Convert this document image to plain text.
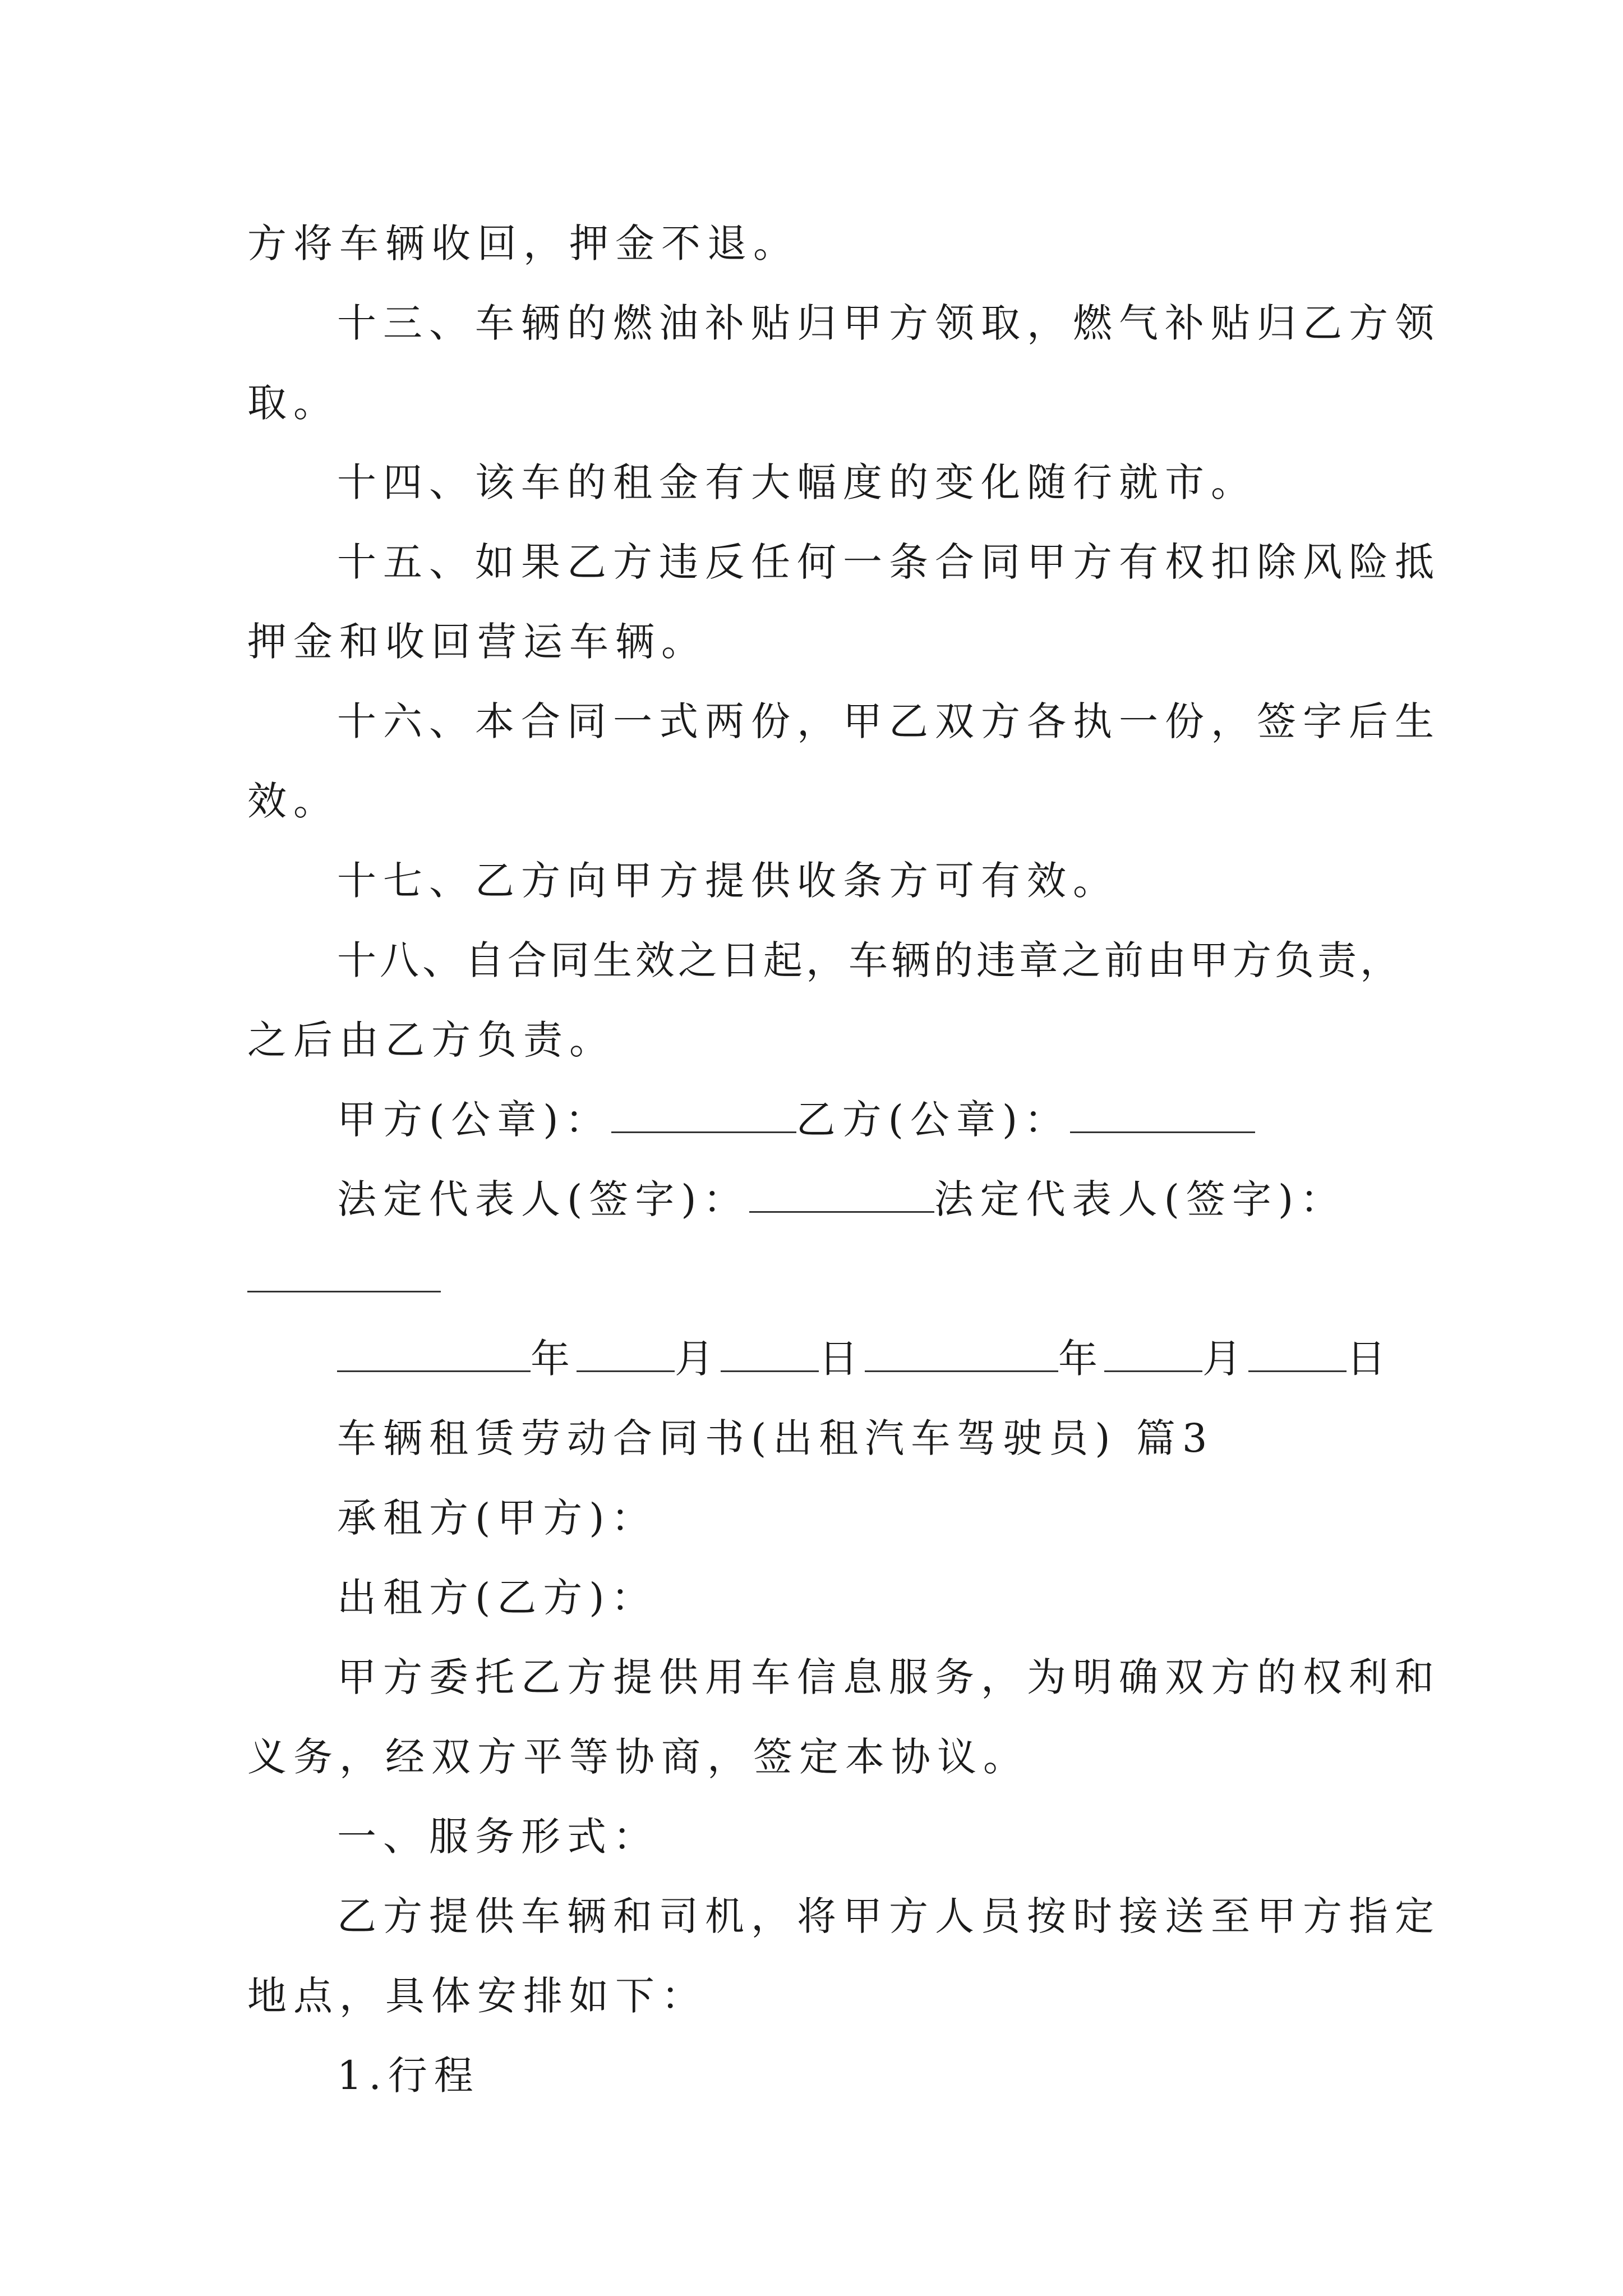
方将车辆收回，押金不退。

十三、车辆的燃油补贴归甲方领取，燃气补贴归乙方领

取。

十四、该车的租金有大幅度的变化随行就市。

十五、如果乙方违反任何一条合同甲方有权扣除风险抵

押金和收回营运车辆。

十六、本合同一式两份，甲乙双方各执一份，签字后生

效。

十七、乙方向甲方提供收条方可有效。

十八、自合同生效之日起，车辆的违章之前由甲方负责，

之后由乙方负责。

甲方(公章)：	乙方(公章)：

法定代表人(签字)：	法定代表人(签字)：

年	月	日	年	月	日

车辆租赁劳动合同书(出租汽车驾驶员) 篇3

承租方(甲方)：

出租方(乙方)：

甲方委托乙方提供用车信息服务，为明确双方的权利和

义务，经双方平等协商，签定本协议。

一、服务形式：

乙方提供车辆和司机，将甲方人员按时接送至甲方指定

地点，具体安排如下：

1.行程
